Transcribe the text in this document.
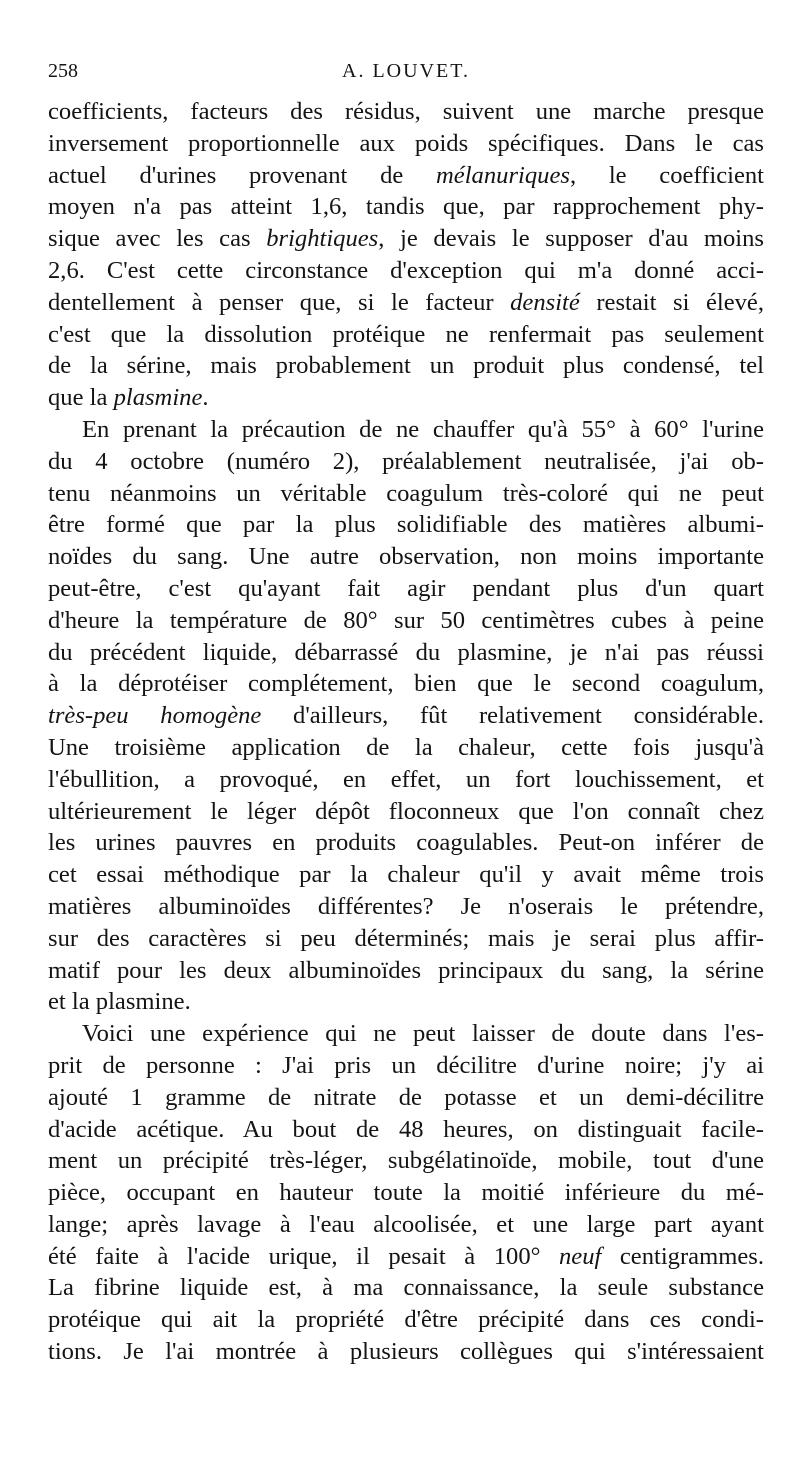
258	A. LOUVET.
coefficients, facteurs des résidus, suivent une marche presque
inversement proportionnelle aux poids spécifiques. Dans le cas
actuel d'urines provenant de mélanuriques, le coefficient
moyen n'a pas atteint 1,6, tandis que, par rapprochement phy-
sique avec les cas brightiques, je devais le supposer d'au moins
2,6. C'est cette circonstance d'exception qui m'a donné acci-
dentellement à penser que, si le facteur densité restait si élevé,
c'est que la dissolution protéique ne renfermait pas seulement
de la sérine, mais probablement un produit plus condensé, tel
que la plasmine.
En prenant la précaution de ne chauffer qu'à 55° à 60° l'urine
du 4 octobre (numéro 2), préalablement neutralisée, j'ai ob-
tenu néanmoins un véritable coagulum très-coloré qui ne peut
être formé que par la plus solidifiable des matières albumi-
noïdes du sang. Une autre observation, non moins importante
peut-être, c'est qu'ayant fait agir pendant plus d'un quart
d'heure la température de 80° sur 50 centimètres cubes à peine
du précédent liquide, débarrassé du plasmine, je n'ai pas réussi
à la déprotéiser complétement, bien que le second coagulum,
très-peu homogène d'ailleurs, fût relativement considérable.
Une troisième application de la chaleur, cette fois jusqu'à
l'ébullition, a provoqué, en effet, un fort louchissement, et
ultérieurement le léger dépôt floconneux que l'on connaît chez
les urines pauvres en produits coagulables. Peut-on inférer de
cet essai méthodique par la chaleur qu'il y avait même trois
matières albuminoïdes différentes? Je n'oserais le prétendre,
sur des caractères si peu déterminés; mais je serai plus affir-
matif pour les deux albuminoïdes principaux du sang, la sérine
et la plasmine.
Voici une expérience qui ne peut laisser de doute dans l'es-
prit de personne : J'ai pris un décilitre d'urine noire; j'y ai
ajouté 1 gramme de nitrate de potasse et un demi-décilitre
d'acide acétique. Au bout de 48 heures, on distinguait facile-
ment un précipité très-léger, subgélatinoïde, mobile, tout d'une
pièce, occupant en hauteur toute la moitié inférieure du mé-
lange; après lavage à l'eau alcoolisée, et une large part ayant
été faite à l'acide urique, il pesait à 100° neuf centigrammes.
La fibrine liquide est, à ma connaissance, la seule substance
protéique qui ait la propriété d'être précipité dans ces condi-
tions. Je l'ai montrée à plusieurs collègues qui s'intéressaient
